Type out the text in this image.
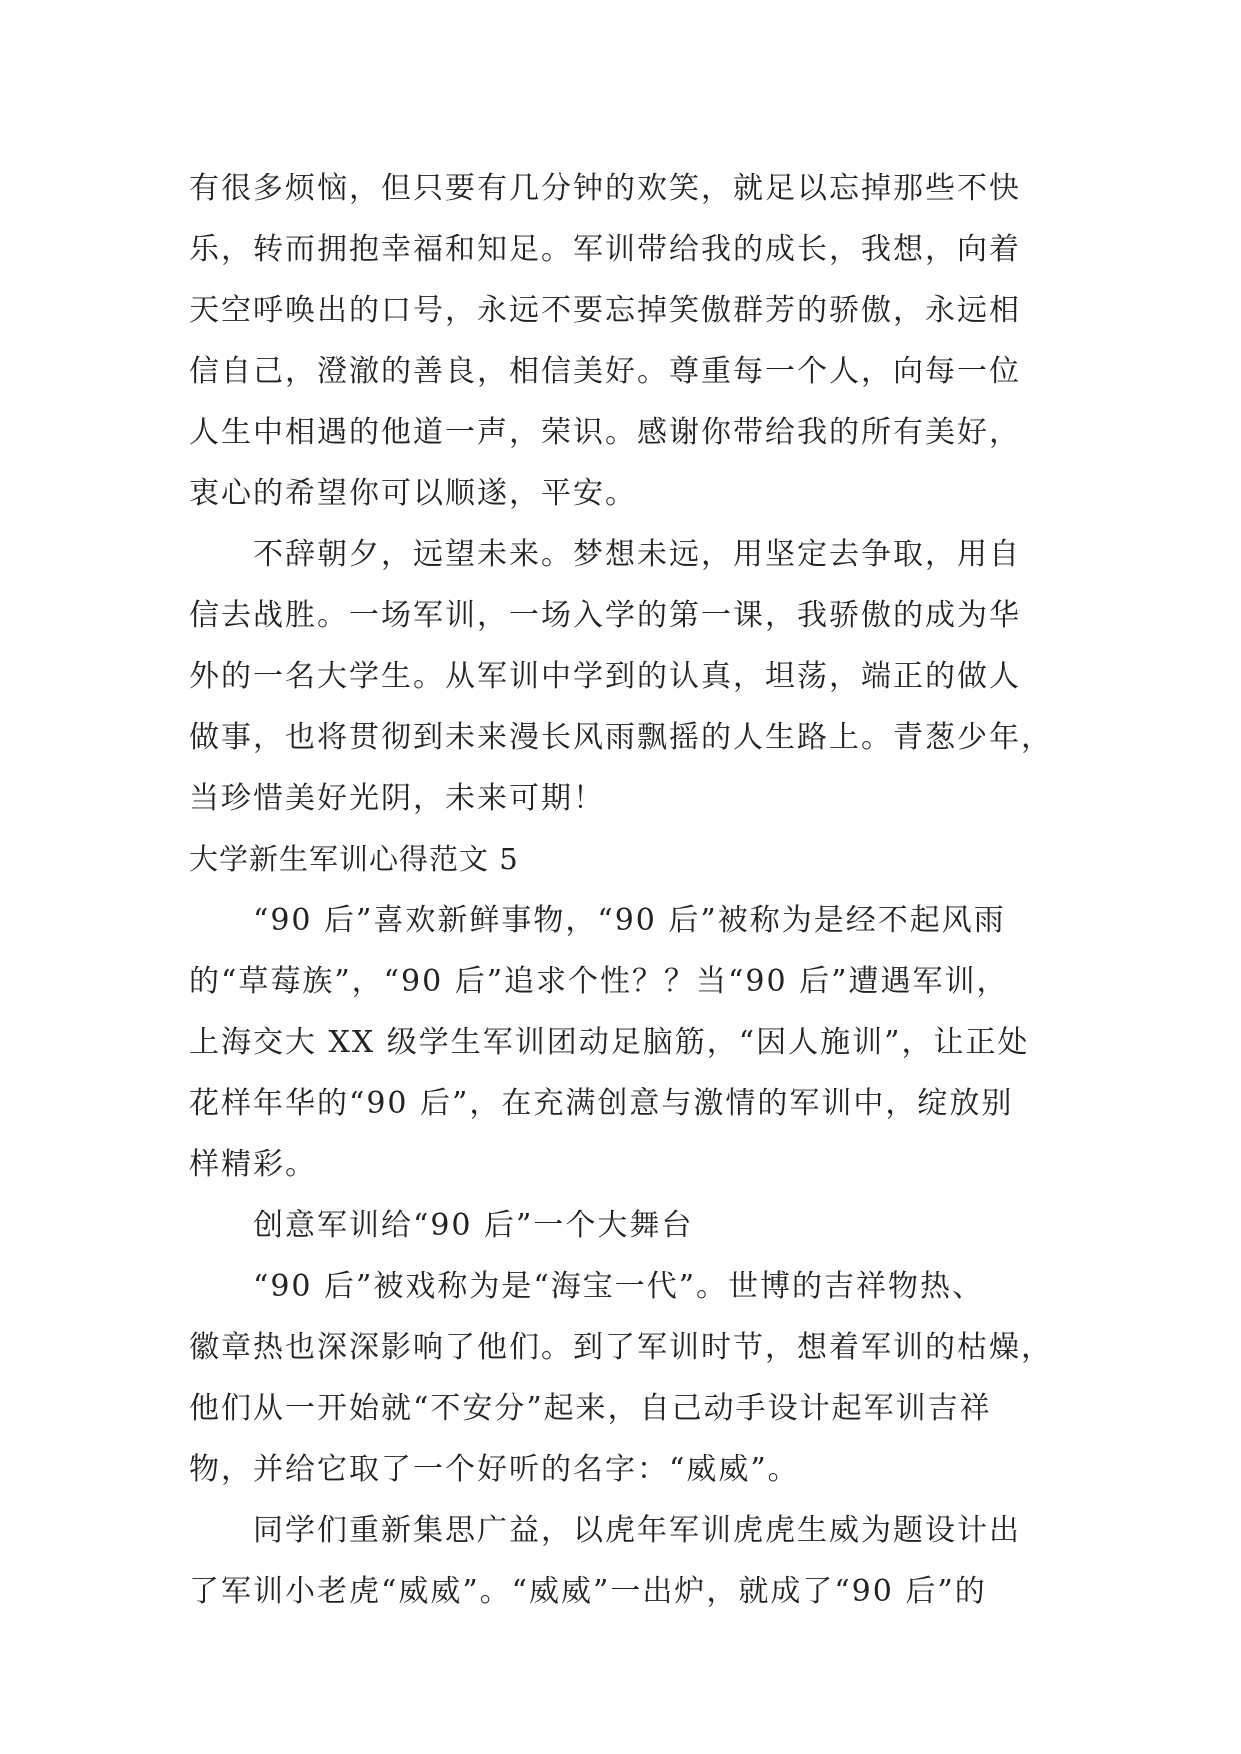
有很多烦恼，但只要有几分钟的欢笑，就足以忘掉那些不快
乐，转而拥抱幸福和知足。军训带给我的成长，我想，向着
天空呼唤出的口号，永远不要忘掉笑傲群芳的骄傲，永远相
信自己，澄澈的善良，相信美好。尊重每一个人，向每一位
人生中相遇的他道一声，荣识。感谢你带给我的所有美好，
衷心的希望你可以顺遂，平安。
不辞朝夕，远望未来。梦想未远，用坚定去争取，用自
信去战胜。一场军训，一场入学的第一课，我骄傲的成为华
外的一名大学生。从军训中学到的认真，坦荡，端正的做人
做事，也将贯彻到未来漫长风雨飘摇的人生路上。青葱少年，
当珍惜美好光阴，未来可期！
大学新生军训心得范文 5
“90 后”喜欢新鲜事物，“90 后”被称为是经不起风雨
的“草莓族”，“90 后”追求个性？？当“90 后”遭遇军训，
上海交大 XX 级学生军训团动足脑筋，“因人施训”，让正处
花样年华的“90 后”，在充满创意与激情的军训中，绽放别
样精彩。
创意军训给“90 后”一个大舞台
“90 后”被戏称为是“海宝一代”。世博的吉祥物热、
徽章热也深深影响了他们。到了军训时节，想着军训的枯燥，
他们从一开始就“不安分”起来，自己动手设计起军训吉祥
物，并给它取了一个好听的名字：“威威”。
同学们重新集思广益，以虎年军训虎虎生威为题设计出
了军训小老虎“威威”。“威威”一出炉，就成了“90 后”的
